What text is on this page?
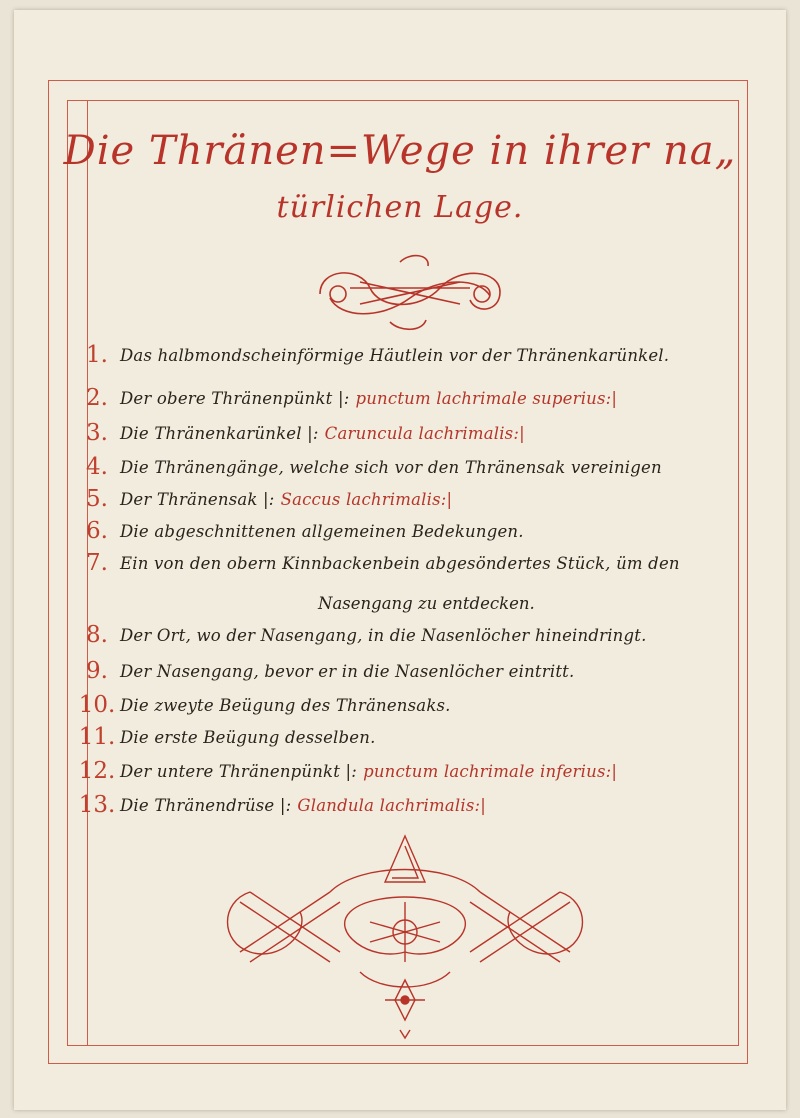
Die Thränen=Wege in ihrer na„
türlichen Lage.
1. Das halbmondscheinförmige Häutlein vor der Thränenkarünkel.
2. Der obere Thränenpünkt |: punctum lachrimale superius:|
3. Die Thränenkarünkel |: Caruncula lachrimalis:|
4. Die Thränengänge, welche sich vor den Thränensak vereinigen
5. Der Thränensak |: Saccus lachrimalis:|
6. Die abgeschnittenen allgemeinen Bedekungen.
7. Ein von den obern Kinnbackenbein abgesöndertes Stück, üm den
Nasengang zu entdecken.
8. Der Ort, wo der Nasengang, in die Nasenlöcher hineindringt.
9. Der Nasengang, bevor er in die Nasenlöcher eintritt.
10. Die zweyte Beügung des Thränensaks.
11. Die erste Beügung desselben.
12. Der untere Thränenpünkt |: punctum lachrimale inferius:|
13. Die Thränendrüse |: Glandula lachrimalis:|
